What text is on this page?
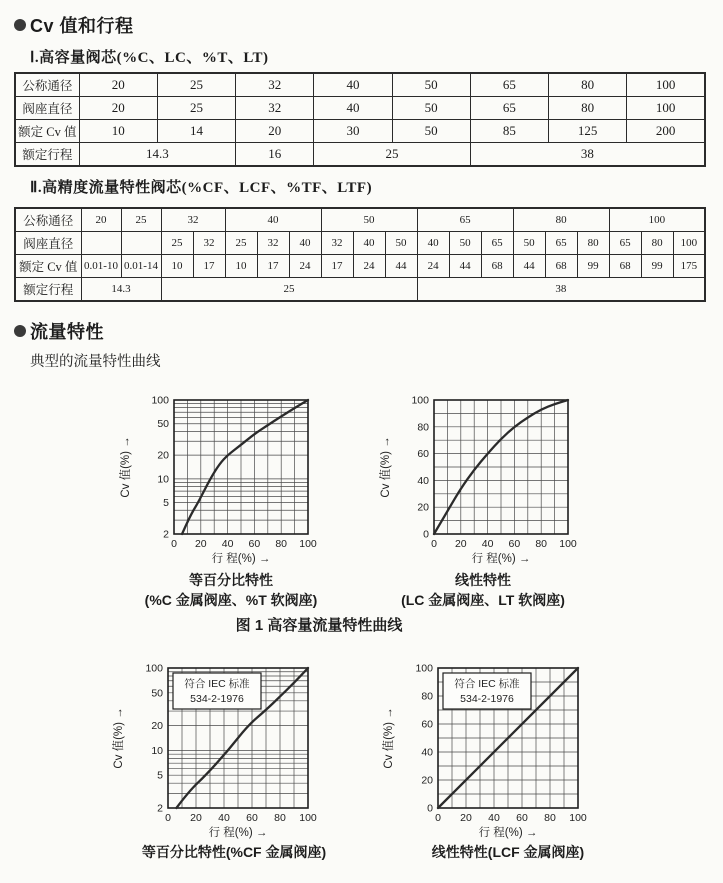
Cv 值和行程
Ⅰ.高容量阀芯(%C、LC、%T、LT)
公称通径	20	25	32	40	50	65	80	100
阀座直径	20	25	32	40	50	65	80	100
额定 Cv 值	10	14	20	30	50	85	125	200
额定行程	14.3		16	25		38		
Ⅱ.高精度流量特性阀芯(%CF、LCF、%TF、LTF)
公称通径	20	25	32		40			50			65			80			100		
阀座直径			25	32	25	32	40	32	40	50	40	50	65	50	65	80	65	80	100
额定 Cv 值	0.01-10	0.01-14	10	17	10	17	24	17	24	44	24	44	68	44	68	99	68	99	175
额定行程	14.3		25								38								
流量特性
典型的流量特性曲线
2
5
10
20
50
100
0 20 40 60 80 100
行 程(%) →
Cv 值(%) →
0
20
40
60
80
100
0 20 40 60 80 100
行 程(%) →
Cv 值(%) →
2
5
10
20
50
100
0 20 40 60 80 100
行 程(%) →
Cv 值(%) →
符合 IEC 标准
534-2-1976
0
20
40
60
80
100
0 20 40 60 80 100
行 程(%) →
Cv 值(%) →
符合 IEC 标准
534-2-1976
等百分比特性
(%C 金属阀座、%T 软阀座)
线性特性
(LC 金属阀座、LT 软阀座)
图 1 高容量流量特性曲线
等百分比特性(%CF 金属阀座)	线性特性(LCF 金属阀座)
